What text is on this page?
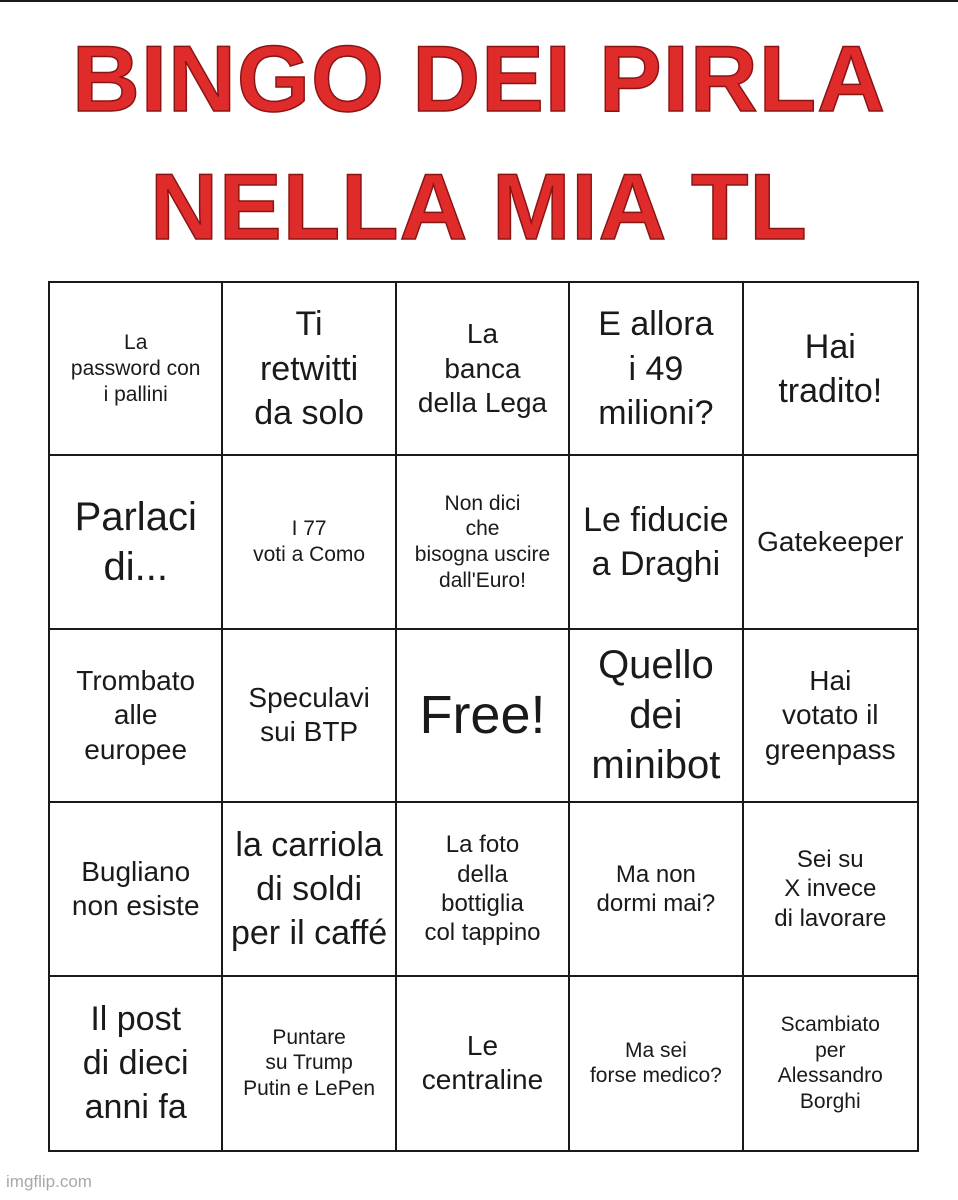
BINGO DEI PIRLA
NELLA MIA TL
La
password con
i pallini
Ti
retwitti
da solo
La
banca
della Lega
E allora
i 49
milioni?
Hai
tradito!
Parlaci
di...
I 77
voti a Como
Non dici
che
bisogna uscire
dall'Euro!
Le fiducie
a Draghi
Gatekeeper
Trombato
alle
europee
Speculavi
sui BTP Free!
Quello
dei
minibot
Hai
votato il
greenpass
Bugliano
non esiste
la carriola
di soldi
per il caffé
La foto
della
bottiglia
col tappino
Ma non
dormi mai?
Sei su
X invece
di lavorare
Il post
di dieci
anni fa
Puntare
su Trump
Putin e LePen
Le
centraline
Ma sei
forse medico?
Scambiato
per
Alessandro
Borghi
imgflip.com
